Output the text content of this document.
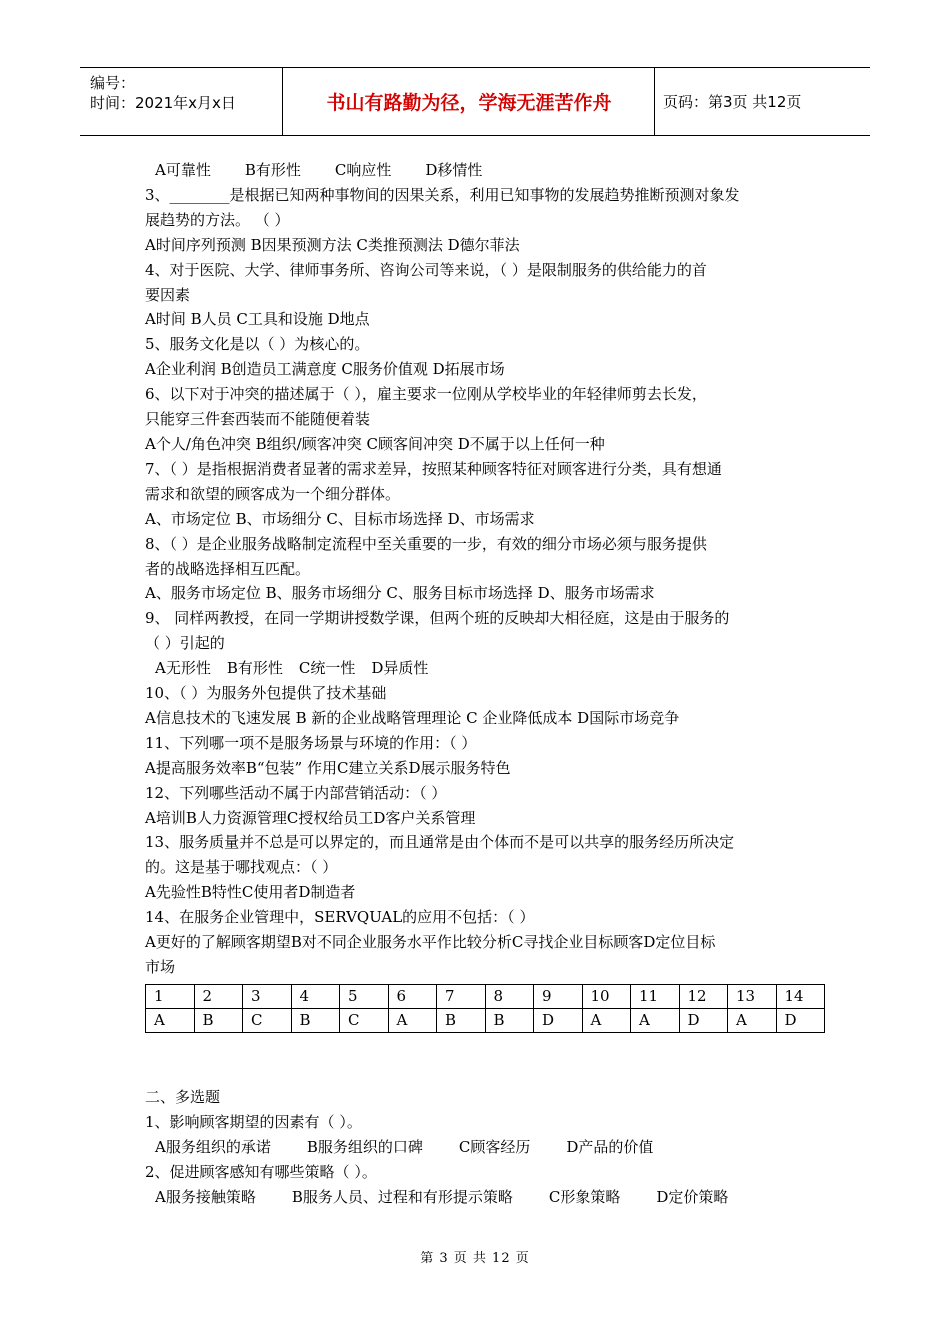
编号：
时间：2021年x月x日	书山有路勤为径，学海无涯苦作舟	页码：第3页 共12页
A可靠性 B有形性 C响应性 D移情性
3、________是根据已知两种事物间的因果关系，利用已知事物的发展趋势推断预测对象发
展趋势的方法。 （ ）
A时间序列预测 B因果预测方法 C类推预测法 D德尔菲法
4、对于医院、大学、律师事务所、咨询公司等来说，（ ）是限制服务的供给能力的首
要因素
A时间 B人员 C工具和设施 D地点
5、服务文化是以（ ）为核心的。
A企业利润 B创造员工满意度 C服务价值观 D拓展市场
6、以下对于冲突的描述属于（ ），雇主要求一位刚从学校毕业的年轻律师剪去长发，
只能穿三件套西装而不能随便着装
A个人/角色冲突 B组织/顾客冲突 C顾客间冲突 D不属于以上任何一种
7、（ ）是指根据消费者显著的需求差异，按照某种顾客特征对顾客进行分类，具有想通
需求和欲望的顾客成为一个细分群体。
A、市场定位 B、市场细分 C、目标市场选择 D、市场需求
8、（ ）是企业服务战略制定流程中至关重要的一步，有效的细分市场必须与服务提供
者的战略选择相互匹配。
A、服务市场定位 B、服务市场细分 C、服务目标市场选择 D、服务市场需求
9、 同样两教授，在同一学期讲授数学课，但两个班的反映却大相径庭，这是由于服务的
（ ）引起的
A无形性 B有形性 C统一性 D异质性
10、（ ）为服务外包提供了技术基础
A信息技术的飞速发展 B 新的企业战略管理理论 C 企业降低成本 D国际市场竞争
11、下列哪一项不是服务场景与环境的作用：（ ）
A提高服务效率B“包装” 作用C建立关系D展示服务特色
12、下列哪些活动不属于内部营销活动：（ ）
A培训B人力资源管理C授权给员工D客户关系管理
13、服务质量并不总是可以界定的，而且通常是由个体而不是可以共享的服务经历所决定
的。这是基于哪找观点：（ ）
A先验性B特性C使用者D制造者
14、在服务企业管理中，SERVQUAL的应用不包括：（ ）
A更好的了解顾客期望B对不同企业服务水平作比较分析C寻找企业目标顾客D定位目标
市场
1	2	3	4	5	6	7	8	9	10	11	12	13	14
A	B	C	B	C	A	B	B	D	A	A	D	A	D
二、多选题
1、影响顾客期望的因素有（ ）。
A服务组织的承诺 B服务组织的口碑 C顾客经历 D产品的价值
2、促进顾客感知有哪些策略（ ）。
A服务接触策略 B服务人员、过程和有形提示策略 C形象策略 D定价策略
第 3 页 共 12 页
